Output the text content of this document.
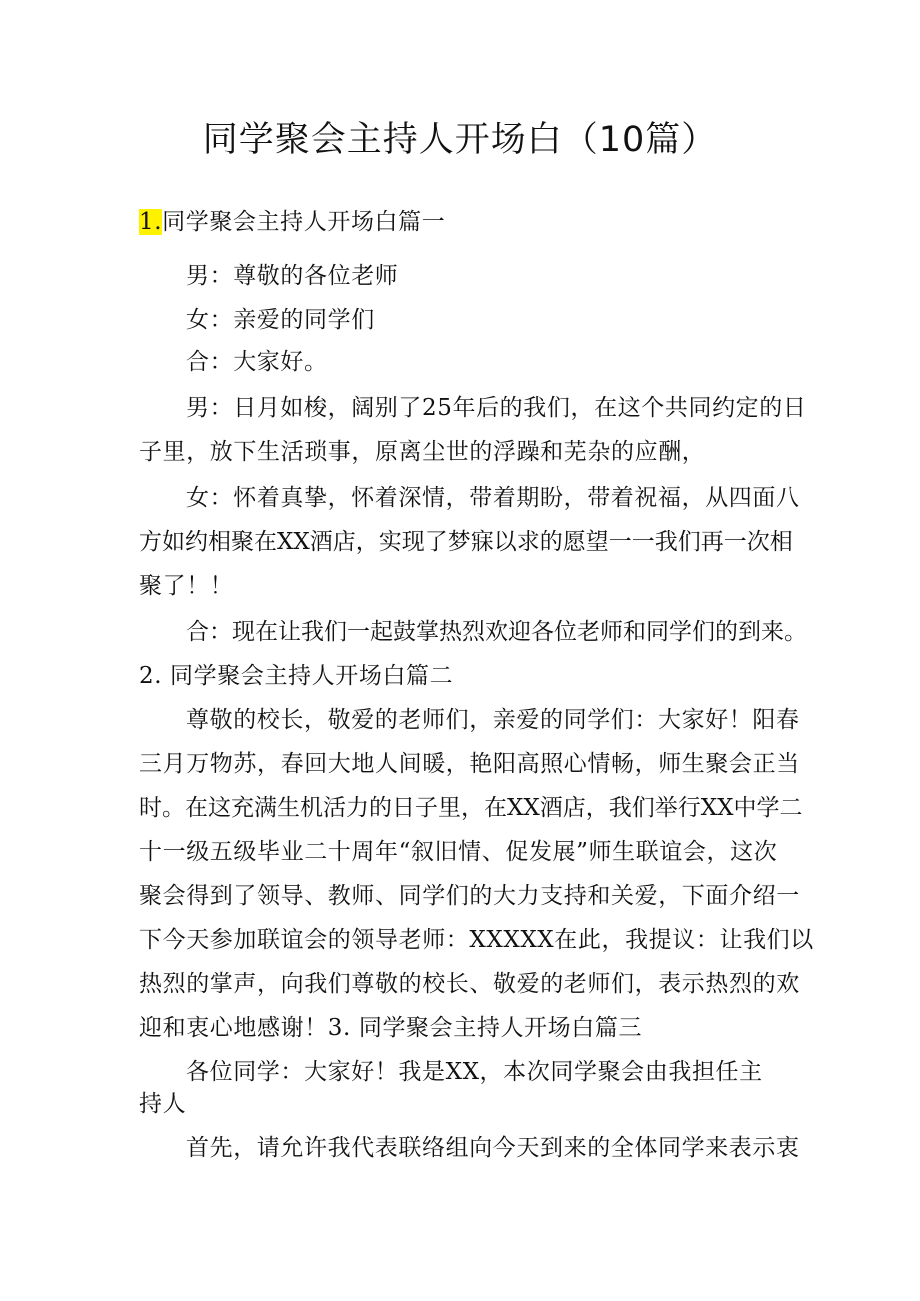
同学聚会主持人开场白（10篇）
1.同学聚会主持人开场白篇一
男：尊敬的各位老师
女：亲爱的同学们
合：大家好。
男：日月如梭，阔别了25年后的我们，在这个共同约定的日
子里，放下生活琐事，原离尘世的浮躁和芜杂的应酬，
女：怀着真挚，怀着深情，带着期盼，带着祝福，从四面八
方如约相聚在XX酒店，实现了梦寐以求的愿望一一我们再一次相
聚了！！
合：现在让我们一起鼓掌热烈欢迎各位老师和同学们的到来。
2. 同学聚会主持人开场白篇二
尊敬的校长，敬爱的老师们，亲爱的同学们：大家好！阳春
三月万物苏，春回大地人间暖，艳阳高照心情畅，师生聚会正当
时。在这充满生机活力的日子里，在XX酒店，我们举行XX中学二
十一级五级毕业二十周年“叙旧情、促发展”师生联谊会，这次
聚会得到了领导、教师、同学们的大力支持和关爱，下面介绍一
下今天参加联谊会的领导老师：XXXXX在此，我提议：让我们以
热烈的掌声，向我们尊敬的校长、敬爱的老师们，表示热烈的欢
迎和衷心地感谢！3. 同学聚会主持人开场白篇三
各位同学：大家好！我是XX，本次同学聚会由我担任主
持人
首先，请允许我代表联络组向今天到来的全体同学来表示衷
